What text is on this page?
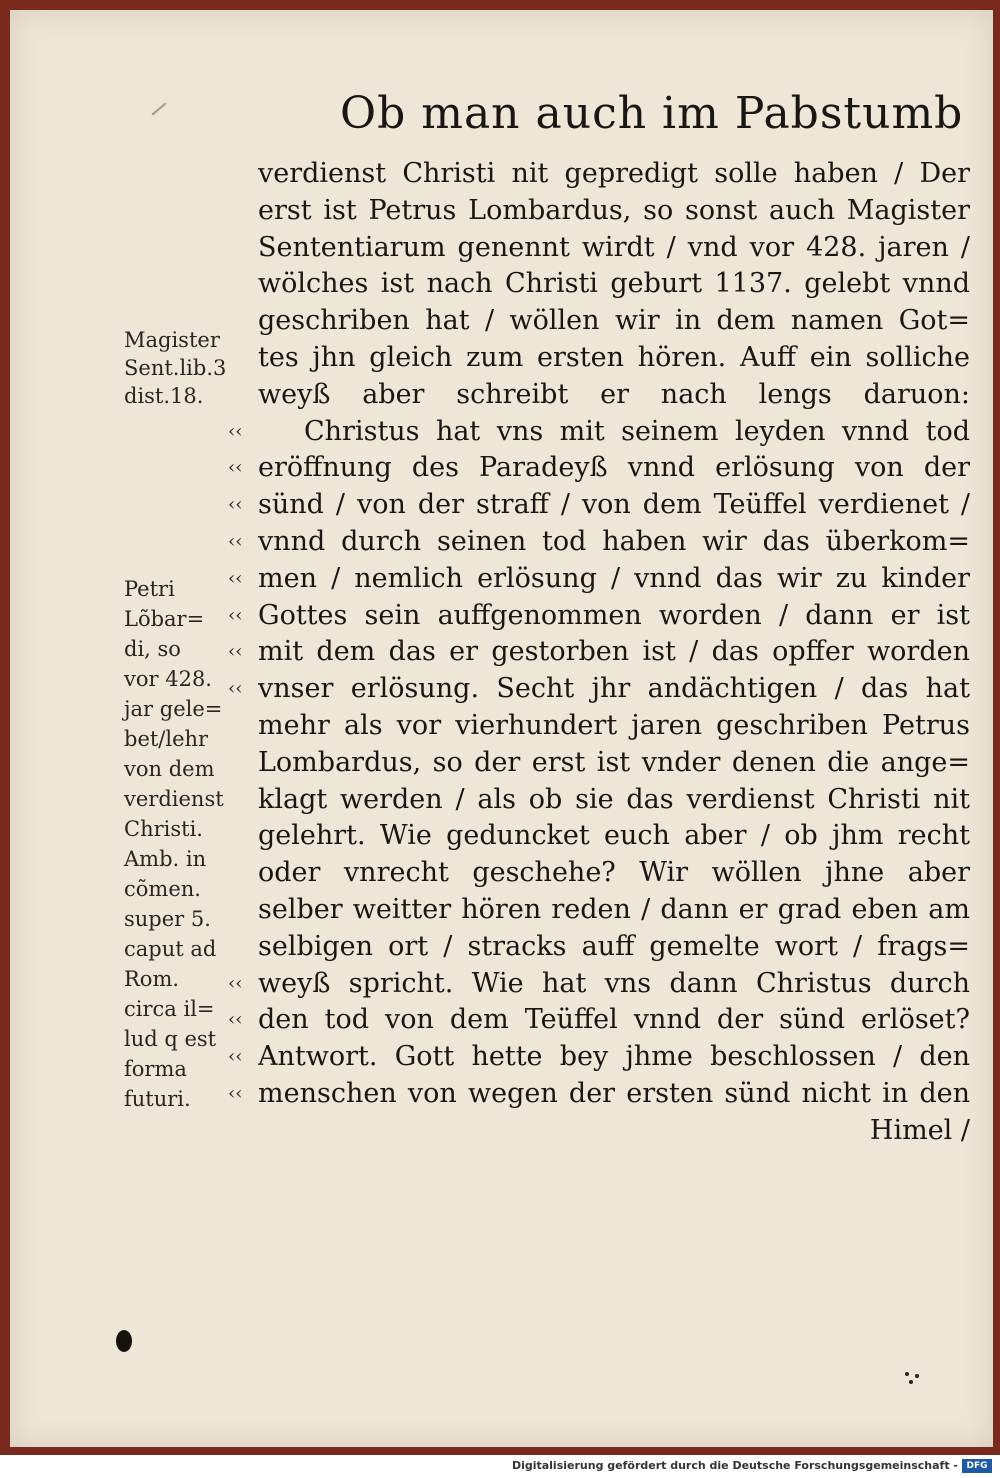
Ob man auch im Pabstumb
verdienst Christi nit gepredigt solle haben / Der
erst ist Petrus Lombardus, so sonst auch Magister
Sententiarum genennt wirdt / vnd vor 428. jaren /
wölches ist nach Christi geburt 1137. gelebt vnnd
geschriben hat / wöllen wir in dem namen Got=
tes jhn gleich zum ersten hören. Auff ein solliche
weyß aber schreibt er nach lengs daruon:
Christus hat vns mit seinem leyden vnnd tod
eröffnung des Paradeyß vnnd erlösung von der
sünd / von der straff / von dem Teüffel verdienet /
vnnd durch seinen tod haben wir das überkom=
men / nemlich erlösung / vnnd das wir zu kinder
Gottes sein auffgenommen worden / dann er ist
mit dem das er gestorben ist / das opffer worden
vnser erlösung. Secht jhr andächtigen / das hat
mehr als vor vierhundert jaren geschriben Petrus
Lombardus, so der erst ist vnder denen die ange=
klagt werden / als ob sie das verdienst Christi nit
gelehrt. Wie geduncket euch aber / ob jhm recht
oder vnrecht geschehe? Wir wöllen jhne aber
selber weitter hören reden / dann er grad eben am
selbigen ort / stracks auff gemelte wort / frags=
weyß spricht. Wie hat vns dann Christus durch
den tod von dem Teüffel vnnd der sünd erlöset?
Antwort. Gott hette bey jhme beschlossen / den
menschen von wegen der ersten sünd nicht in den
Himel /
‹‹
‹‹
‹‹
‹‹
‹‹
‹‹
‹‹
‹‹
‹‹
‹‹
‹‹
‹‹
Magister
Sent.lib.3
dist.18.
Petri
Lõbar=
di, so
vor 428.
jar gele=
bet/lehr
von dem
verdienst
Christi.
Amb. in
cõmen.
super 5.
caput ad
Rom.
circa il=
lud q est
forma
futuri.
Digitalisierung gefördert durch die Deutsche Forschungsgemeinschaft - DFG
